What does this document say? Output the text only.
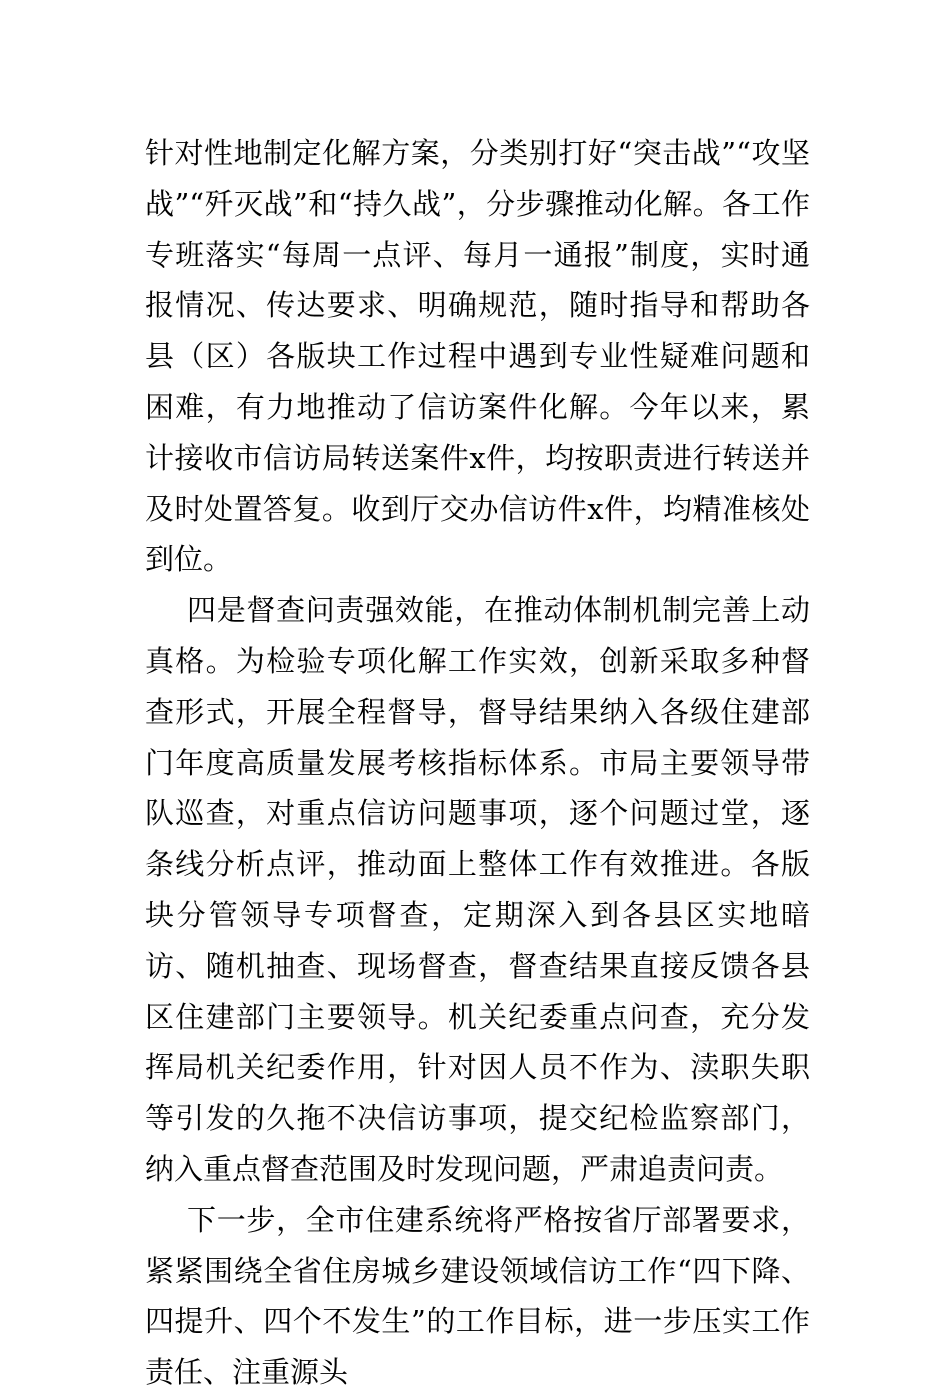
针对性地制定化解方案，分类别打好“突击战”“攻坚战”“歼灭战”和“持久战”，分步骤推动化解。各工作专班落实“每周一点评、每月一通报”制度，实时通报情况、传达要求、明确规范，随时指导和帮助各县（区）各版块工作过程中遇到专业性疑难问题和困难，有力地推动了信访案件化解。今年以来，累计接收市信访局转送案件x件，均按职责进行转送并及时处置答复。收到厅交办信访件x件，均精准核处到位。

四是督查问责强效能，在推动体制机制完善上动真格。为检验专项化解工作实效，创新采取多种督查形式，开展全程督导，督导结果纳入各级住建部门年度高质量发展考核指标体系。市局主要领导带队巡查，对重点信访问题事项，逐个问题过堂，逐条线分析点评，推动面上整体工作有效推进。各版块分管领导专项督查，定期深入到各县区实地暗访、随机抽查、现场督查，督查结果直接反馈各县区住建部门主要领导。机关纪委重点问查，充分发挥局机关纪委作用，针对因人员不作为、渎职失职等引发的久拖不决信访事项，提交纪检监察部门，纳入重点督查范围及时发现问题，严肃追责问责。

下一步，全市住建系统将严格按省厅部署要求，紧紧围绕全省住房城乡建设领域信访工作“四下降、四提升、四个不发生”的工作目标，进一步压实工作责任、注重源头
